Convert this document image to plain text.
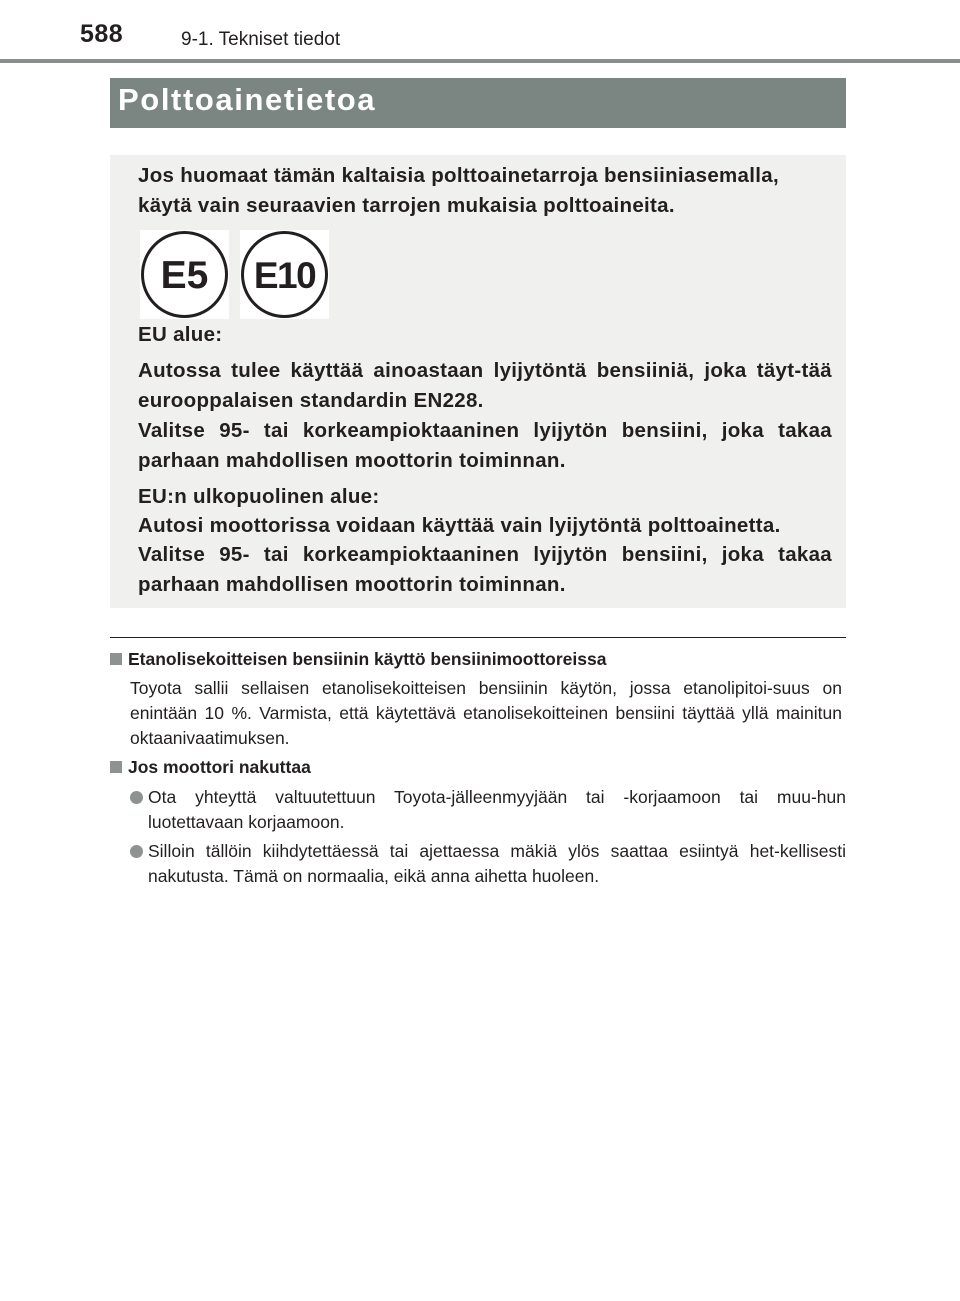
588	9-1. Tekniset tiedot
Polttoainetietoa

Jos huomaat tämän kaltaisia polttoainetarroja bensiiniasemalla, käytä vain seuraavien tarrojen mukaisia polttoaineita.

E5 E10

EU alue:

Autossa tulee käyttää ainoastaan lyijytöntä bensiiniä, joka täyt-tää eurooppalaisen standardin EN228.

Valitse 95- tai korkeampioktaaninen lyijytön bensiini, joka takaa parhaan mahdollisen moottorin toiminnan.

EU:n ulkopuolinen alue:

Autosi moottorissa voidaan käyttää vain lyijytöntä polttoainetta.

Valitse 95- tai korkeampioktaaninen lyijytön bensiini, joka takaa parhaan mahdollisen moottorin toiminnan.

Etanolisekoitteisen bensiinin käyttö bensiinimoottoreissa

Toyota sallii sellaisen etanolisekoitteisen bensiinin käytön, jossa etanolipitoi-suus on enintään 10 %. Varmista, että käytettävä etanolisekoitteinen bensiini täyttää yllä mainitun oktaanivaatimuksen.

Jos moottori nakuttaa

Ota yhteyttä valtuutettuun Toyota-jälleenmyyjään tai -korjaamoon tai muu-hun luotettavaan korjaamoon.

Silloin tällöin kiihdytettäessä tai ajettaessa mäkiä ylös saattaa esiintyä het-kellisesti nakutusta. Tämä on normaalia, eikä anna aihetta huoleen.
